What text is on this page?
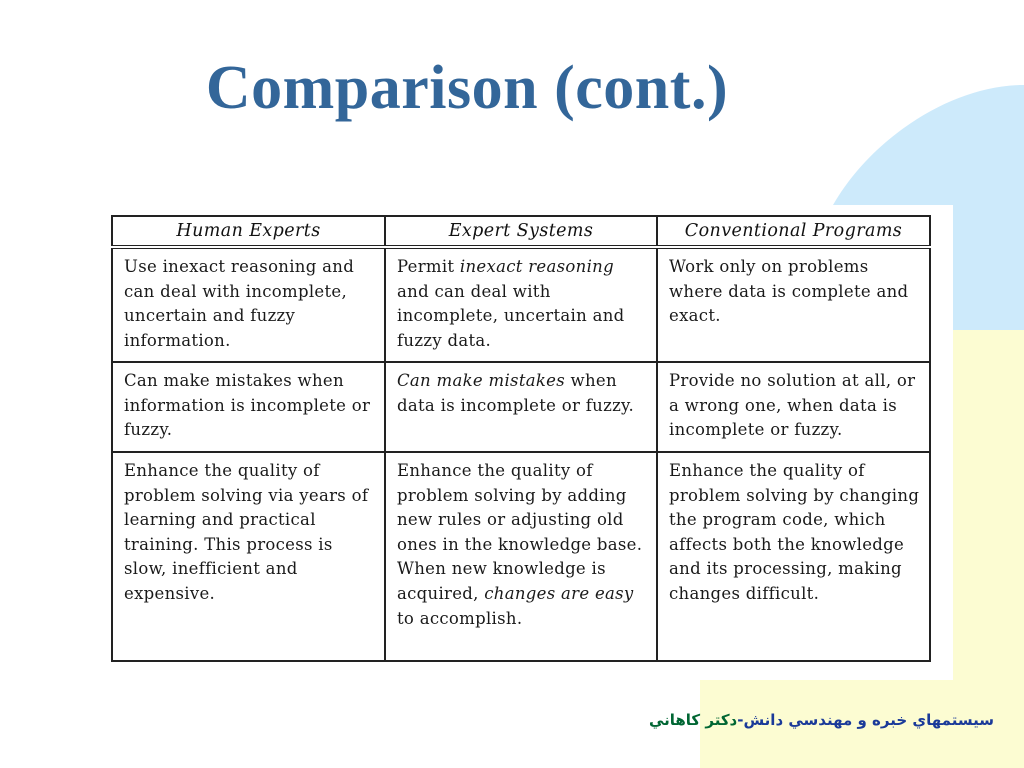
Comparison (cont.)
Human Experts	Expert Systems	Conventional Programs
Use inexact reasoning and can deal with incomplete, uncertain and fuzzy information.	Permit inexact reasoning and can deal with incomplete, uncertain and fuzzy data.	Work only on problems where data is complete and exact.
Can make mistakes when information is incomplete or fuzzy.	Can make mistakes when data is incomplete or fuzzy.	Provide no solution at all, or a wrong one, when data is incomplete or fuzzy.
Enhance the quality of problem solving via years of learning and practical training. This process is slow, inefficient and expensive.	Enhance the quality of problem solving by adding new rules or adjusting old ones in the knowledge base. When new knowledge is acquired, changes are easy to accomplish.	Enhance the quality of problem solving by changing the program code, which affects both the knowledge and its processing, making changes difficult.
سيستمهاي خبره و مهندسي دانش-دکتر کاهاني
